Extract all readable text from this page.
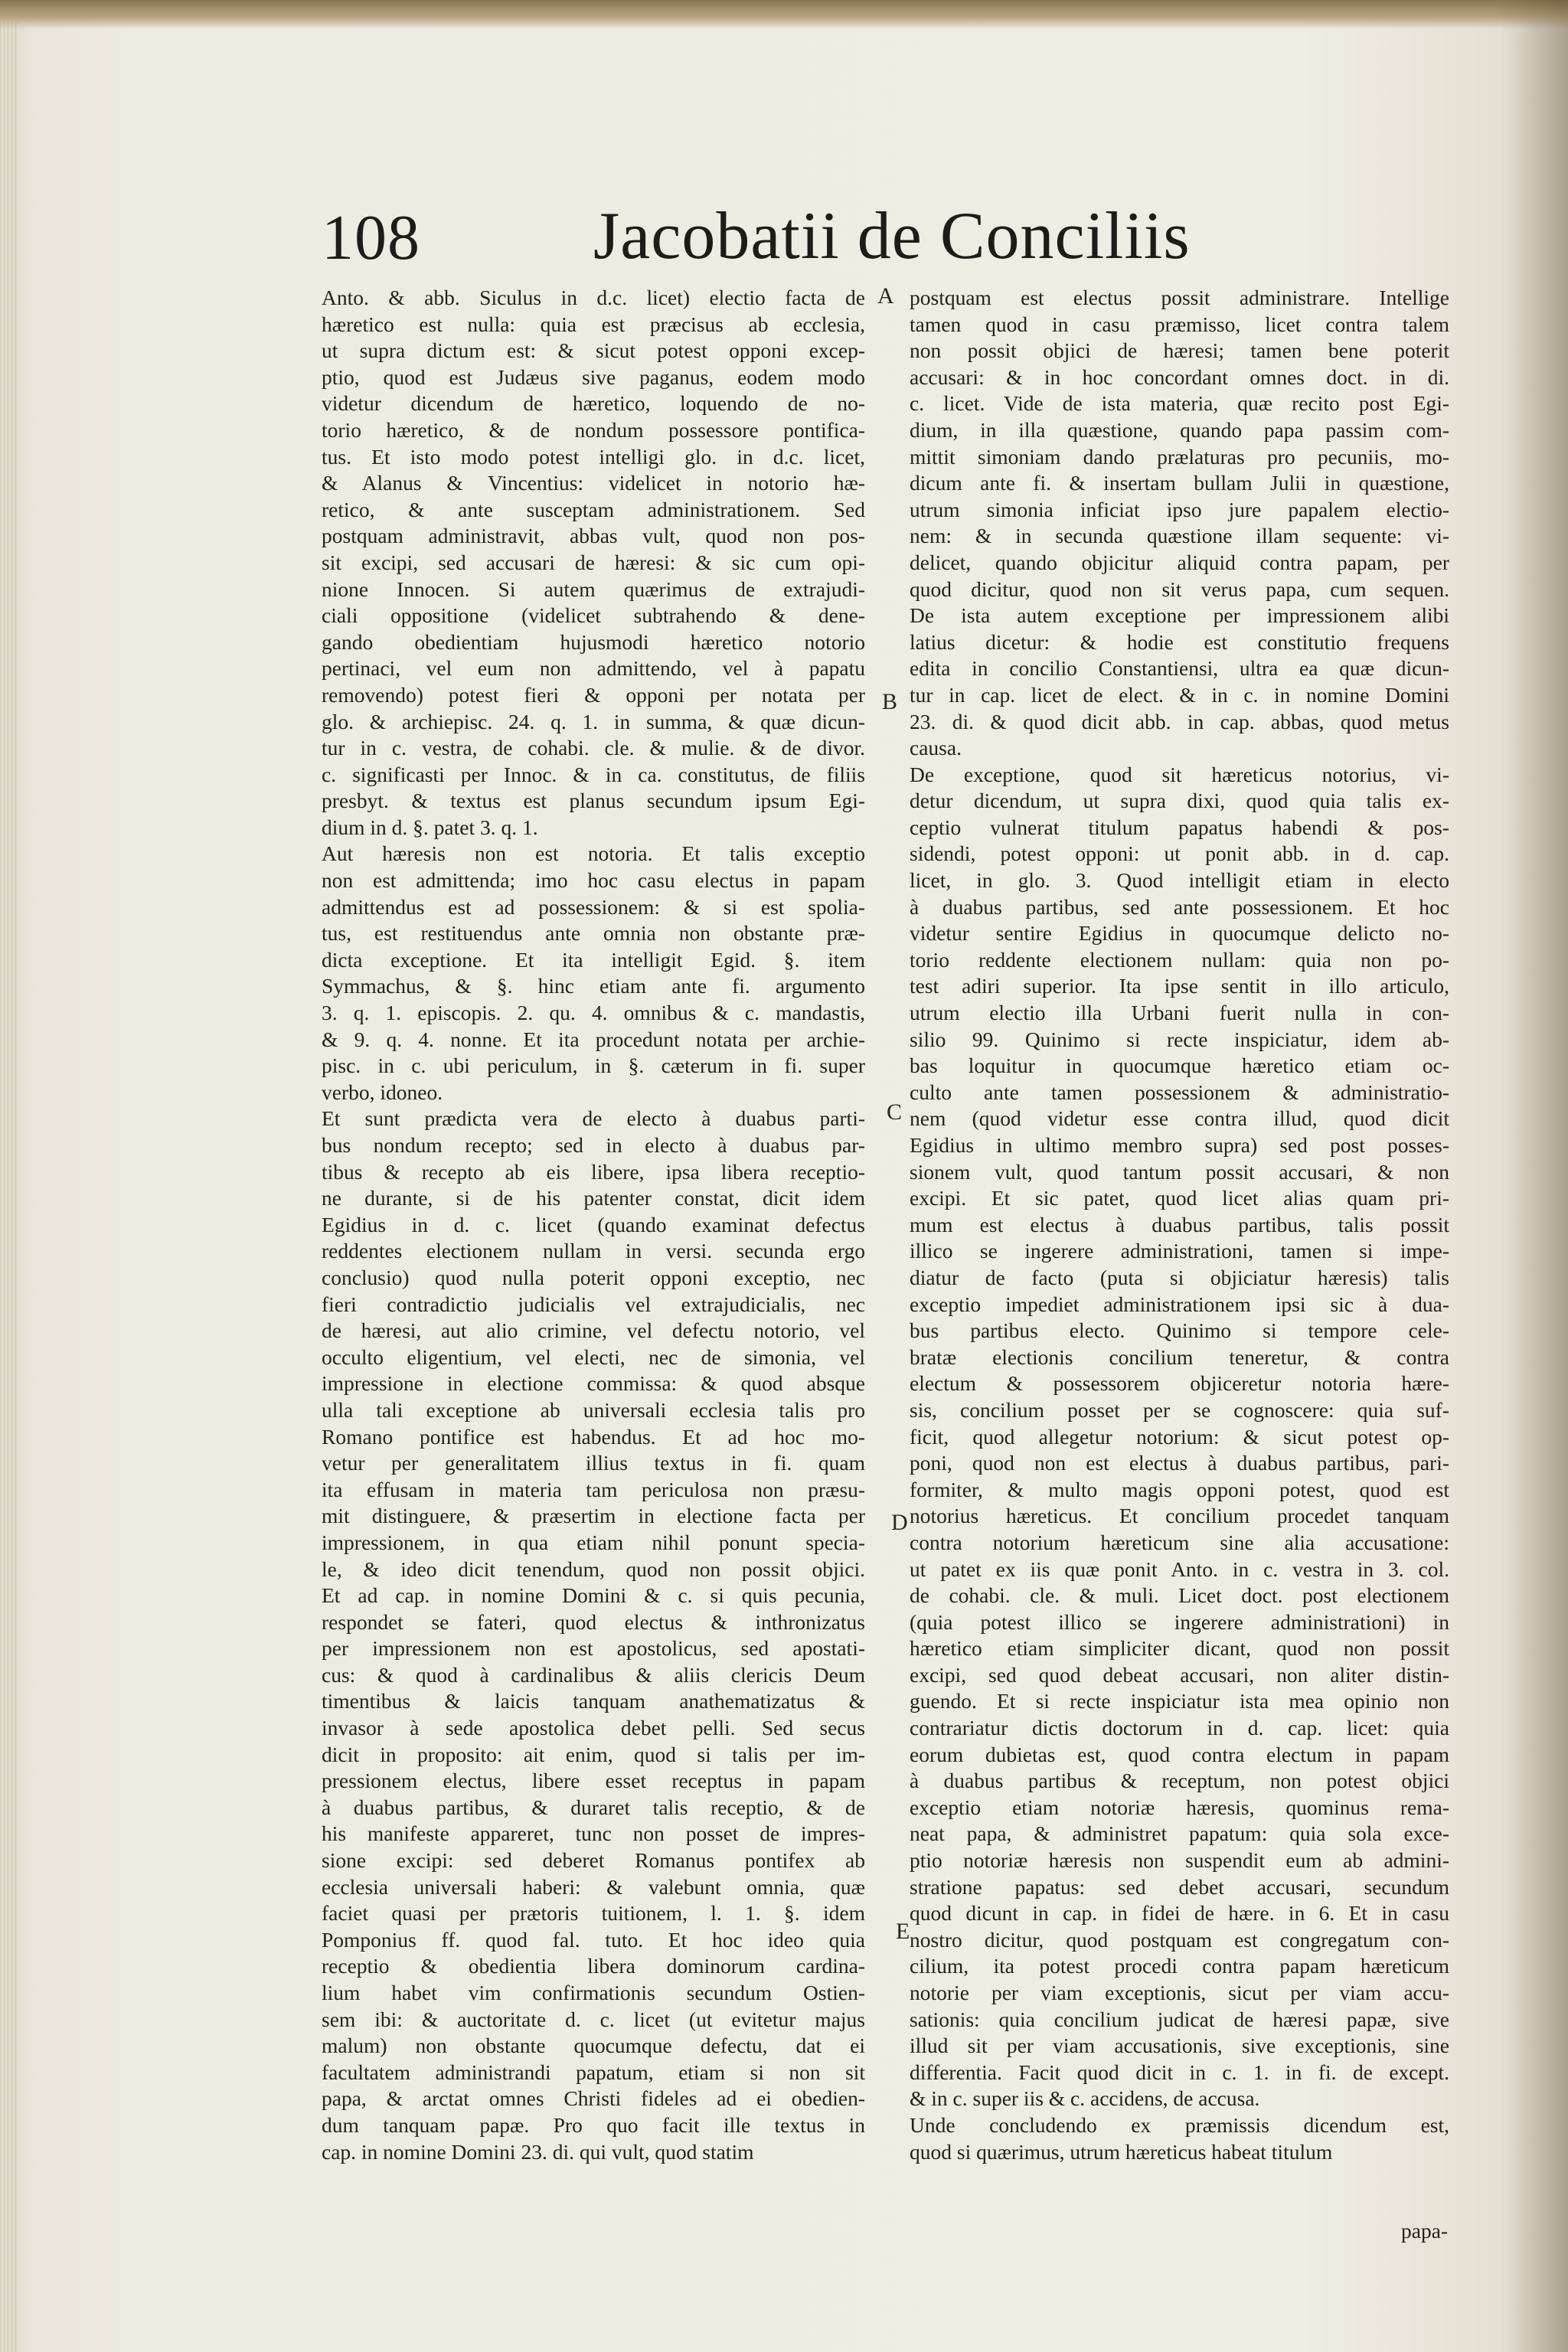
108	Jacobatii de Conciliis
Anto. & abb. Siculus in d.c. licet) electio facta de
hæretico est nulla: quia est præcisus ab ecclesia,
ut supra dictum est: & sicut potest opponi excep-
ptio, quod est Judæus sive paganus, eodem modo
videtur dicendum de hæretico, loquendo de no-
torio hæretico, & de nondum possessore pontifica-
tus. Et isto modo potest intelligi glo. in d.c. licet,
& Alanus & Vincentius: videlicet in notorio hæ-
retico, & ante susceptam administrationem. Sed
postquam administravit, abbas vult, quod non pos-
sit excipi, sed accusari de hæresi: & sic cum opi-
nione Innocen. Si autem quærimus de extrajudi-
ciali oppositione (videlicet subtrahendo & dene-
gando obedientiam hujusmodi hæretico notorio
pertinaci, vel eum non admittendo, vel à papatu
removendo) potest fieri & opponi per notata per
glo. & archiepisc. 24. q. 1. in summa, & quæ dicun-
tur in c. vestra, de cohabi. cle. & mulie. & de divor.
c. significasti per Innoc. & in ca. constitutus, de filiis
presbyt. & textus est planus secundum ipsum Egi-
dium in d. §. patet 3. q. 1.
Aut hæresis non est notoria. Et talis exceptio
non est admittenda; imo hoc casu electus in papam
admittendus est ad possessionem: & si est spolia-
tus, est restituendus ante omnia non obstante præ-
dicta exceptione. Et ita intelligit Egid. §. item
Symmachus, & §. hinc etiam ante fi. argumento
3. q. 1. episcopis. 2. qu. 4. omnibus & c. mandastis,
& 9. q. 4. nonne. Et ita procedunt notata per archie-
pisc. in c. ubi periculum, in §. cæterum in fi. super
verbo, idoneo.
Et sunt prædicta vera de electo à duabus parti-
bus nondum recepto; sed in electo à duabus par-
tibus & recepto ab eis libere, ipsa libera receptio-
ne durante, si de his patenter constat, dicit idem
Egidius in d. c. licet (quando examinat defectus
reddentes electionem nullam in versi. secunda ergo
conclusio) quod nulla poterit opponi exceptio, nec
fieri contradictio judicialis vel extrajudicialis, nec
de hæresi, aut alio crimine, vel defectu notorio, vel
occulto eligentium, vel electi, nec de simonia, vel
impressione in electione commissa: & quod absque
ulla tali exceptione ab universali ecclesia talis pro
Romano pontifice est habendus. Et ad hoc mo-
vetur per generalitatem illius textus in fi. quam
ita effusam in materia tam periculosa non præsu-
mit distinguere, & præsertim in electione facta per
impressionem, in qua etiam nihil ponunt specia-
le, & ideo dicit tenendum, quod non possit objici.
Et ad cap. in nomine Domini & c. si quis pecunia,
respondet se fateri, quod electus & inthronizatus
per impressionem non est apostolicus, sed apostati-
cus: & quod à cardinalibus & aliis clericis Deum
timentibus & laicis tanquam anathematizatus &
invasor à sede apostolica debet pelli. Sed secus
dicit in proposito: ait enim, quod si talis per im-
pressionem electus, libere esset receptus in papam
à duabus partibus, & duraret talis receptio, & de
his manifeste appareret, tunc non posset de impres-
sione excipi: sed deberet Romanus pontifex ab
ecclesia universali haberi: & valebunt omnia, quæ
faciet quasi per prætoris tuitionem, l. 1. §. idem
Pomponius ff. quod fal. tuto. Et hoc ideo quia
receptio & obedientia libera dominorum cardina-
lium habet vim confirmationis secundum Ostien-
sem ibi: & auctoritate d. c. licet (ut evitetur majus
malum) non obstante quocumque defectu, dat ei
facultatem administrandi papatum, etiam si non sit
papa, & arctat omnes Christi fideles ad ei obedien-
dum tanquam papæ. Pro quo facit ille textus in
cap. in nomine Domini 23. di. qui vult, quod statim
A
B
C
D
E
postquam est electus possit administrare. Intellige
tamen quod in casu præmisso, licet contra talem
non possit objici de hæresi; tamen bene poterit
accusari: & in hoc concordant omnes doct. in di.
c. licet. Vide de ista materia, quæ recito post Egi-
dium, in illa quæstione, quando papa passim com-
mittit simoniam dando prælaturas pro pecuniis, mo-
dicum ante fi. & insertam bullam Julii in quæstione,
utrum simonia inficiat ipso jure papalem electio-
nem: & in secunda quæstione illam sequente: vi-
delicet, quando objicitur aliquid contra papam, per
quod dicitur, quod non sit verus papa, cum sequen.
De ista autem exceptione per impressionem alibi
latius dicetur: & hodie est constitutio frequens
edita in concilio Constantiensi, ultra ea quæ dicun-
tur in cap. licet de elect. & in c. in nomine Domini
23. di. & quod dicit abb. in cap. abbas, quod metus
causa.
De exceptione, quod sit hæreticus notorius, vi-
detur dicendum, ut supra dixi, quod quia talis ex-
ceptio vulnerat titulum papatus habendi & pos-
sidendi, potest opponi: ut ponit abb. in d. cap.
licet, in glo. 3. Quod intelligit etiam in electo
à duabus partibus, sed ante possessionem. Et hoc
videtur sentire Egidius in quocumque delicto no-
torio reddente electionem nullam: quia non po-
test adiri superior. Ita ipse sentit in illo articulo,
utrum electio illa Urbani fuerit nulla in con-
silio 99. Quinimo si recte inspiciatur, idem ab-
bas loquitur in quocumque hæretico etiam oc-
culto ante tamen possessionem & administratio-
nem (quod videtur esse contra illud, quod dicit
Egidius in ultimo membro supra) sed post posses-
sionem vult, quod tantum possit accusari, & non
excipi. Et sic patet, quod licet alias quam pri-
mum est electus à duabus partibus, talis possit
illico se ingerere administrationi, tamen si impe-
diatur de facto (puta si objiciatur hæresis) talis
exceptio impediet administrationem ipsi sic à dua-
bus partibus electo. Quinimo si tempore cele-
bratæ electionis concilium teneretur, & contra
electum & possessorem objiceretur notoria hære-
sis, concilium posset per se cognoscere: quia suf-
ficit, quod allegetur notorium: & sicut potest op-
poni, quod non est electus à duabus partibus, pari-
formiter, & multo magis opponi potest, quod est
notorius hæreticus. Et concilium procedet tanquam
contra notorium hæreticum sine alia accusatione:
ut patet ex iis quæ ponit Anto. in c. vestra in 3. col.
de cohabi. cle. & muli. Licet doct. post electionem
(quia potest illico se ingerere administrationi) in
hæretico etiam simpliciter dicant, quod non possit
excipi, sed quod debeat accusari, non aliter distin-
guendo. Et si recte inspiciatur ista mea opinio non
contrariatur dictis doctorum in d. cap. licet: quia
eorum dubietas est, quod contra electum in papam
à duabus partibus & receptum, non potest objici
exceptio etiam notoriæ hæresis, quominus rema-
neat papa, & administret papatum: quia sola exce-
ptio notoriæ hæresis non suspendit eum ab admini-
stratione papatus: sed debet accusari, secundum
quod dicunt in cap. in fidei de hære. in 6. Et in casu
nostro dicitur, quod postquam est congregatum con-
cilium, ita potest procedi contra papam hæreticum
notorie per viam exceptionis, sicut per viam accu-
sationis: quia concilium judicat de hæresi papæ, sive
illud sit per viam accusationis, sive exceptionis, sine
differentia. Facit quod dicit in c. 1. in fi. de except.
& in c. super iis & c. accidens, de accusa.
Unde concludendo ex præmissis dicendum est,
quod si quærimus, utrum hæreticus habeat titulum
papa-
